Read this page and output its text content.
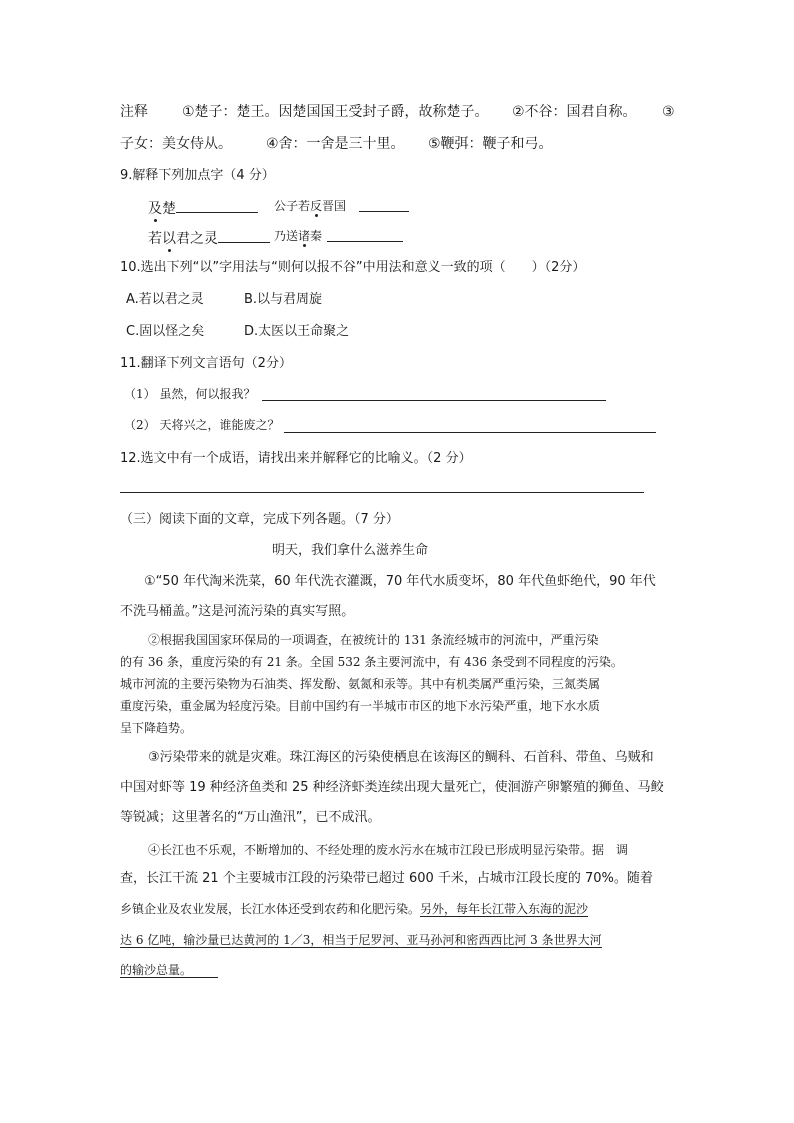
注释 ①楚子：楚王。因楚国国王受封子爵，故称楚子。 ②不谷：国君自称。 ③
子女：美女侍从。 ④舍：一舍是三十里。 ⑤鞭弭：鞭子和弓。
9.解释下列加点字（4 分）
及楚	公子若反晋国
若以君之灵	乃送诸秦
10.选出下列“以”字用法与“则何以报不谷”中用法和意义一致的项（　　）（2分）
A.若以君之灵	B.以与君周旋
C.固以怪之矣	D.太医以王命聚之
11.翻译下列文言语句（2分）
（1） 虽然，何以报我？
（2） 天将兴之，谁能废之？
12.选文中有一个成语，请找出来并解释它的比喻义。（2 分）
（三）阅读下面的文章，完成下列各题。（7 分）
明天，我们拿什么滋养生命
①“50 年代淘米洗菜，60 年代洗衣灌溉，70 年代水质变坏，80 年代鱼虾绝代，90 年代
不洗马桶盖。”这是河流污染的真实写照。
②根据我国国家环保局的一项调查，在被统计的 131 条流经城市的河流中，严重污染
的有 36 条，重度污染的有 21 条。全国 532 条主要河流中，有 436 条受到不同程度的污染。
城市河流的主要污染物为石油类、挥发酚、氨氮和汞等。其中有机类属严重污染，三氮类属
重度污染，重金属为轻度污染。目前中国约有一半城市市区的地下水污染严重，地下水水质
呈下降趋势。
③污染带来的就是灾难。珠江海区的污染使栖息在该海区的鲷科、石首科、带鱼、乌贼和
中国对虾等 19 种经济鱼类和 25 种经济虾类连续出现大量死亡，使洄游产卵繁殖的狮鱼、马鲛
等锐减；这里著名的“万山渔汛”，已不成汛。
④长江也不乐观，不断增加的、不经处理的废水污水在城市江段已形成明显污染带。据　调
查，长江干流 21 个主要城市江段的污染带已超过 600 千米，占城市江段长度的 70%。随着
乡镇企业及农业发展，长江水体还受到农药和化肥污染。另外，每年长江带入东海的泥沙
达 6 亿吨，输沙量已达黄河的 1／3，相当于尼罗河、亚马孙河和密西西比河 3 条世界大河
的输沙总量。
